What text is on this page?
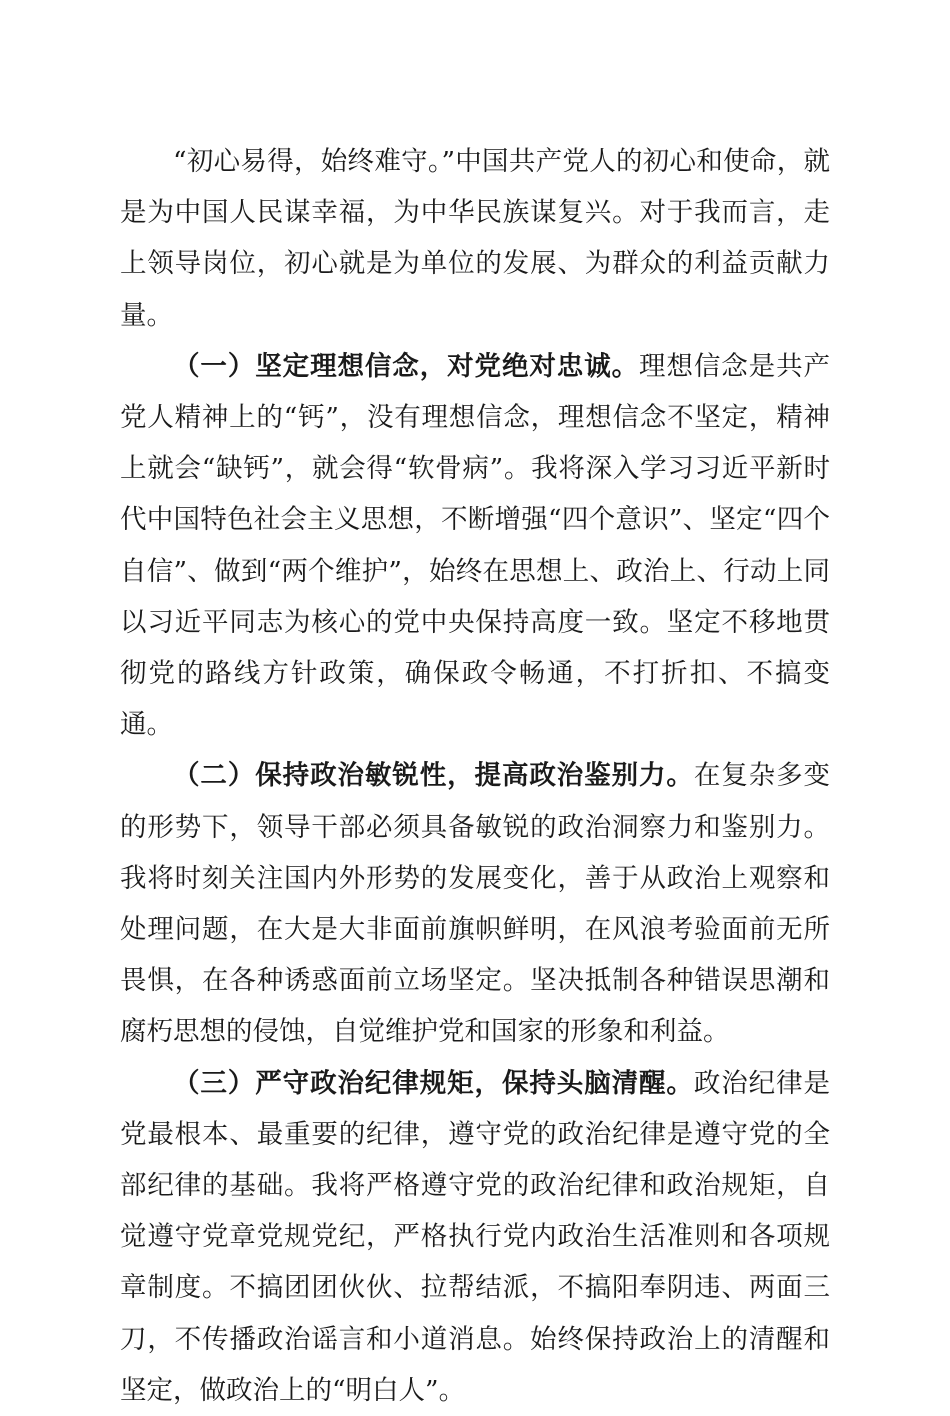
“初心易得，始终难守。”中国共产党人的初心和使命，就是为中国人民谋幸福，为中华民族谋复兴。对于我而言，走上领导岗位，初心就是为单位的发展、为群众的利益贡献力量。

（一）坚定理想信念，对党绝对忠诚。理想信念是共产党人精神上的“钙”，没有理想信念，理想信念不坚定，精神上就会“缺钙”，就会得“软骨病”。我将深入学习习近平新时代中国特色社会主义思想，不断增强“四个意识”、坚定“四个自信”、做到“两个维护”，始终在思想上、政治上、行动上同以习近平同志为核心的党中央保持高度一致。坚定不移地贯彻党的路线方针政策，确保政令畅通，不打折扣、不搞变通。

（二）保持政治敏锐性，提高政治鉴别力。在复杂多变的形势下，领导干部必须具备敏锐的政治洞察力和鉴别力。我将时刻关注国内外形势的发展变化，善于从政治上观察和处理问题，在大是大非面前旗帜鲜明，在风浪考验面前无所畏惧，在各种诱惑面前立场坚定。坚决抵制各种错误思潮和腐朽思想的侵蚀，自觉维护党和国家的形象和利益。

（三）严守政治纪律规矩，保持头脑清醒。政治纪律是党最根本、最重要的纪律，遵守党的政治纪律是遵守党的全部纪律的基础。我将严格遵守党的政治纪律和政治规矩，自觉遵守党章党规党纪，严格执行党内政治生活准则和各项规章制度。不搞团团伙伙、拉帮结派，不搞阳奉阴违、两面三刀，不传播政治谣言和小道消息。始终保持政治上的清醒和坚定，做政治上的“明白人”。
